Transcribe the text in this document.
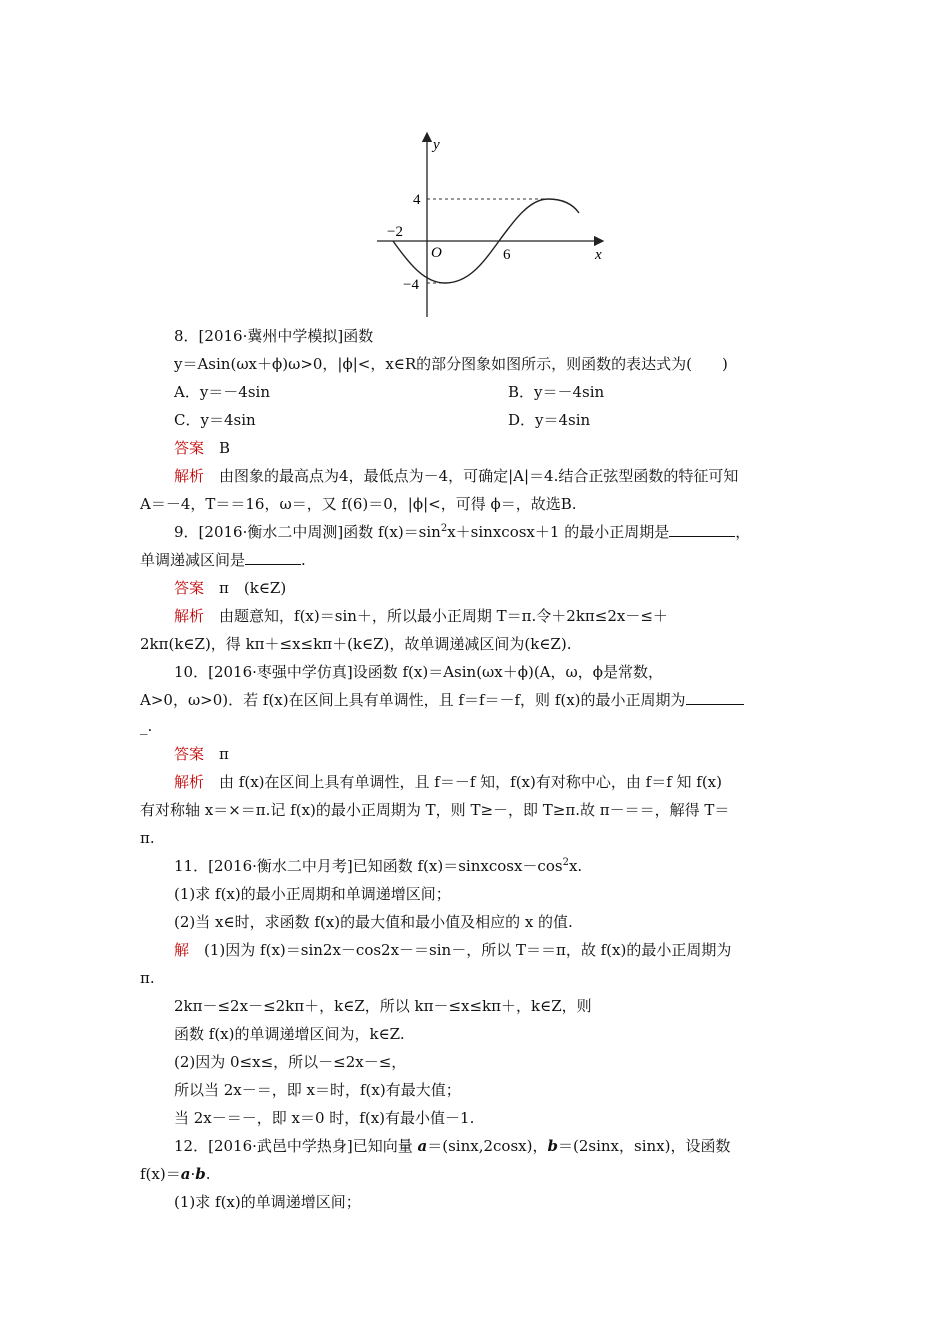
y
x
4
−2
O	6
−4
8．[2016·冀州中学模拟]函数
y＝Asin(ωx＋ϕ)ω>0，|ϕ|<，x∈R的部分图象如图所示，则函数的表达式为(　　)
A．y＝－4sin	B．y＝－4sin
C．y＝4sin	D．y＝4sin
答案　 B
解析　 由图象的最高点为4，最低点为－4，可确定|A|＝4.结合正弦型函数的特征可知
A＝－4，T＝＝16，ω＝，又 f(6)＝0，|ϕ|<，可得 ϕ＝，故选B.
9．[2016·衡水二中周测]函数 $f(x)=\sin^2x+sinxcosx+1$ 的最小正周期是	，
单调递减区间是	.
答案　 π　(k∈Z)
解析　 由题意知，f(x)＝sin＋，所以最小正周期 T＝π.令＋2kπ≤2x－≤＋
2kπ(k∈Z)，得 kπ＋≤x≤kπ＋(k∈Z)，故单调递减区间为(k∈Z).
10．[2016·枣强中学仿真]设函数 f(x)＝Asin(ωx＋ϕ)(A，ω，ϕ是常数，
A>0，ω>0)．若 f(x)在区间上具有单调性，且 f＝f＝－f，则 f(x)的最小正周期为
_.
答案　 π
解析　 由 f(x)在区间上具有单调性，且 f＝－f 知，f(x)有对称中心，由 f＝f 知 f(x)
有对称轴 x＝×＝π.记 f(x)的最小正周期为 T，则 T≥－，即 T≥π.故 π－＝＝，解得 T＝
π.
11．[2016·衡水二中月考]已知函数 $f(x)=sinxcosx-\cos^2x$.
(1)求 f(x)的最小正周期和单调递增区间；
(2)当 x∈时，求函数 f(x)的最大值和最小值及相应的 x 的值.
解　 (1)因为 f(x)＝sin2x－cos2x－＝sin－，所以 T＝＝π，故 f(x)的最小正周期为
π.
2kπ－≤2x－≤2kπ＋，k∈Z，所以 kπ－≤x≤kπ＋，k∈Z，则
函数 f(x)的单调递增区间为，k∈Z.
(2)因为 0≤x≤，所以－≤2x－≤，
所以当 2x－＝，即 x＝时，f(x)有最大值；
当 2x－＝－，即 x＝0 时，f(x)有最小值－1.
12．[2016·武邑中学热身]已知向量 a＝(sinx,2cosx)，b＝(2sinx，sinx)，设函数
f(x)＝a·b.
(1)求 f(x)的单调递增区间；
